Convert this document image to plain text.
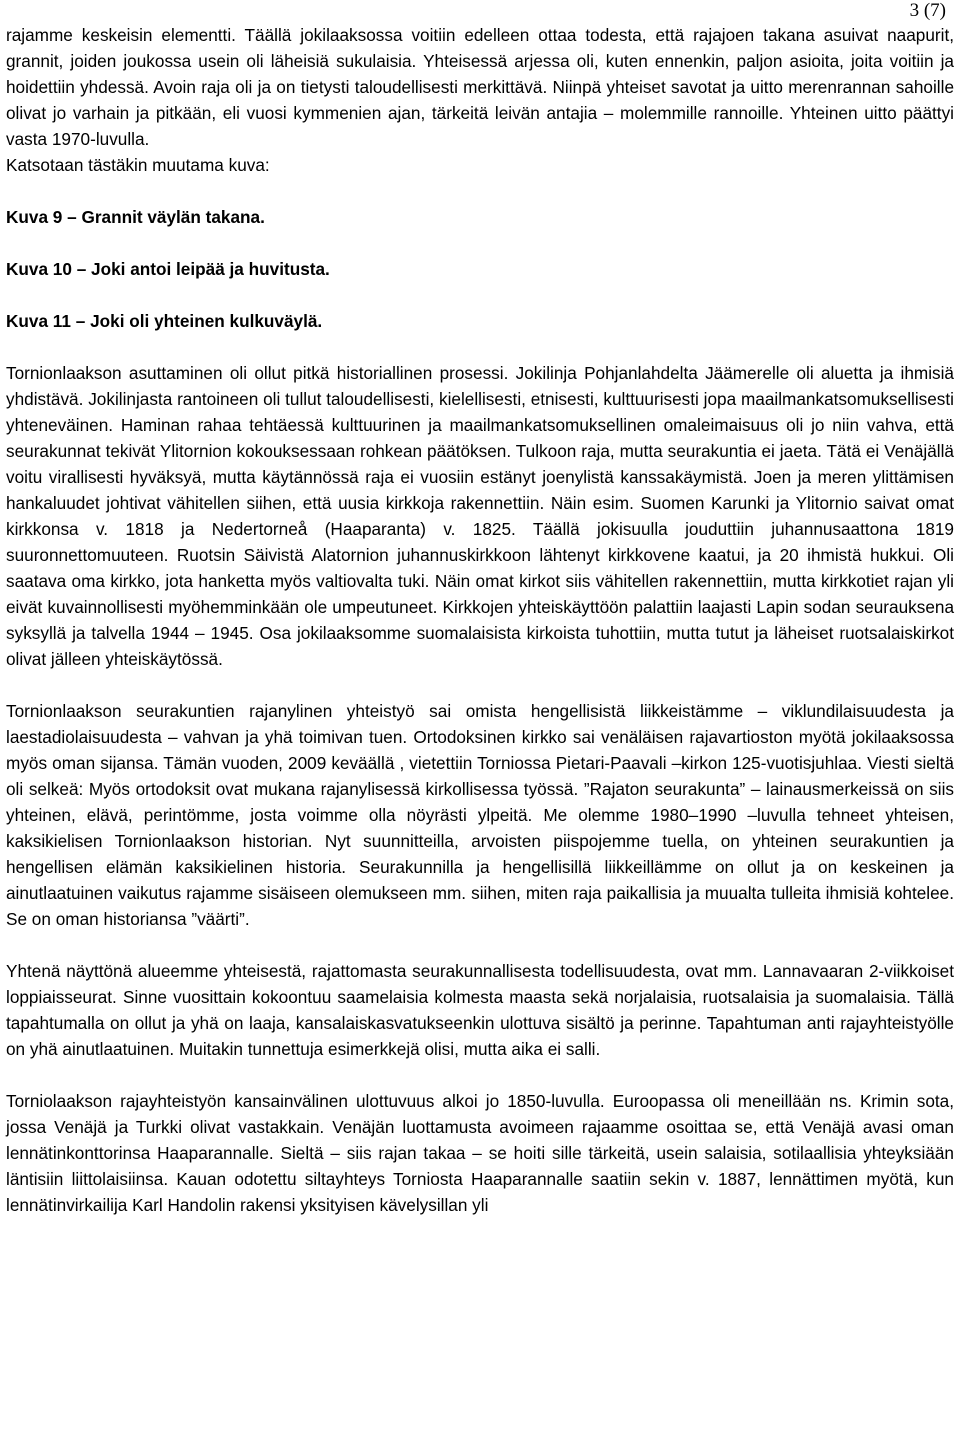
3 (7)

rajamme keskeisin elementti. Täällä jokilaaksossa voitiin edelleen ottaa todesta, että rajajoen takana asuivat naapurit, grannit, joiden joukossa usein oli läheisiä sukulaisia. Yhteisessä arjessa oli, kuten ennenkin, paljon asioita, joita voitiin ja hoidettiin yhdessä. Avoin raja oli ja on tietysti taloudellisesti merkittävä. Niinpä yhteiset savotat ja uitto merenrannan sahoille olivat jo varhain ja pitkään, eli vuosi kymmenien ajan, tärkeitä leivän antajia – molemmille rannoille. Yhteinen uitto päättyi vasta 1970-luvulla.

Katsotaan tästäkin muutama kuva:

Kuva 9 – Grannit väylän takana.

Kuva 10 – Joki antoi leipää ja huvitusta.

Kuva 11 – Joki oli yhteinen kulkuväylä.

Tornionlaakson asuttaminen oli ollut pitkä historiallinen prosessi. Jokilinja Pohjanlahdelta Jäämerelle oli aluetta ja ihmisiä yhdistävä. Jokilinjasta rantoineen oli tullut taloudellisesti, kielellisesti, etnisesti, kulttuurisesti jopa maailmankatsomuksellisesti yhteneväinen. Haminan rahaa tehtäessä kulttuurinen ja maailmankatsomuksellinen omaleimaisuus oli jo niin vahva, että seurakunnat tekivät Ylitornion kokouksessaan rohkean päätöksen. Tulkoon raja, mutta seurakuntia ei jaeta. Tätä ei Venäjällä voitu virallisesti hyväksyä, mutta käytännössä raja ei vuosiin estänyt joenylistä kanssakäymistä. Joen ja meren ylittämisen hankaluudet johtivat vähitellen siihen, että uusia kirkkoja rakennettiin. Näin esim. Suomen Karunki ja Ylitornio saivat omat kirkkonsa v. 1818 ja Nedertorneå (Haaparanta) v. 1825. Täällä jokisuulla jouduttiin juhannusaattona 1819 suuronnettomuuteen. Ruotsin Säivistä Alatornion juhannuskirkkoon lähtenyt kirkkovene kaatui, ja 20 ihmistä hukkui. Oli saatava oma kirkko, jota hanketta myös valtiovalta tuki. Näin omat kirkot siis vähitellen rakennettiin, mutta kirkkotiet rajan yli eivät kuvainnollisesti myöhemminkään ole umpeutuneet. Kirkkojen yhteiskäyttöön palattiin laajasti Lapin sodan seurauksena syksyllä ja talvella 1944 – 1945. Osa jokilaaksomme suomalaisista kirkoista tuhottiin, mutta tutut ja läheiset ruotsalaiskirkot olivat jälleen yhteiskäytössä.

Tornionlaakson seurakuntien rajanylinen yhteistyö sai omista hengellisistä liikkeistämme – viklundilaisuudesta ja laestadiolaisuudesta – vahvan ja yhä toimivan tuen. Ortodoksinen kirkko sai venäläisen rajavartioston myötä jokilaaksossa myös oman sijansa. Tämän vuoden, 2009 keväällä , vietettiin Torniossa Pietari-Paavali –kirkon 125-vuotisjuhlaa. Viesti sieltä oli selkeä: Myös ortodoksit ovat mukana rajanylisessä kirkollisessa työssä. ”Rajaton seurakunta” – lainausmerkeissä on siis yhteinen, elävä, perintömme, josta voimme olla nöyrästi ylpeitä. Me olemme 1980–1990 –luvulla tehneet yhteisen, kaksikielisen Tornionlaakson historian. Nyt suunnitteilla, arvoisten piispojemme tuella, on yhteinen seurakuntien ja hengellisen elämän kaksikielinen historia. Seurakunnilla ja hengellisillä liikkeillämme on ollut ja on keskeinen ja ainutlaatuinen vaikutus rajamme sisäiseen olemukseen mm. siihen, miten raja paikallisia ja muualta tulleita ihmisiä kohtelee. Se on oman historiansa ”väärti”.

Yhtenä näyttönä alueemme yhteisestä, rajattomasta seurakunnallisesta todellisuudesta, ovat mm. Lannavaaran 2-viikkoiset loppiaisseurat. Sinne vuosittain kokoontuu saamelaisia kolmesta maasta sekä norjalaisia, ruotsalaisia ja suomalaisia. Tällä tapahtumalla on ollut ja yhä on laaja, kansalaiskasvatukseenkin ulottuva sisältö ja perinne. Tapahtuman anti rajayhteistyölle on yhä ainutlaatuinen. Muitakin tunnettuja esimerkkejä olisi, mutta aika ei salli.

Torniolaakson rajayhteistyön kansainvälinen ulottuvuus alkoi jo 1850-luvulla. Euroopassa oli meneillään ns. Krimin sota, jossa Venäjä ja Turkki olivat vastakkain. Venäjän luottamusta avoimeen rajaamme osoittaa se, että Venäjä avasi oman lennätinkonttorinsa Haaparannalle. Sieltä – siis rajan takaa – se hoiti sille tärkeitä, usein salaisia, sotilaallisia yhteyksiään läntisiin liittolaisiinsa. Kauan odotettu siltayhteys Torniosta Haaparannalle saatiin sekin v. 1887, lennättimen myötä, kun lennätinvirkailija Karl Handolin rakensi yksityisen kävelysillan yli
